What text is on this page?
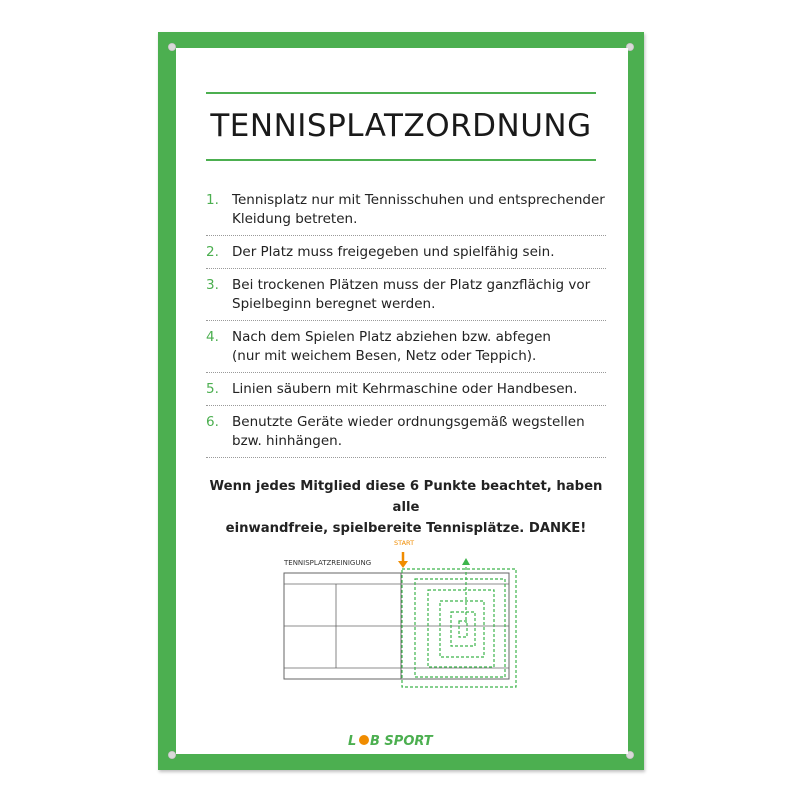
TENNISPLATZORDNUNG
1. Tennisplatz nur mit Tennisschuhen und entsprechender
Kleidung betreten.
2. Der Platz muss freigegeben und spielfähig sein.
3. Bei trockenen Plätzen muss der Platz ganzflächig vor
Spielbeginn beregnet werden.
4. Nach dem Spielen Platz abziehen bzw. abfegen
(nur mit weichem Besen, Netz oder Teppich).
5. Linien säubern mit Kehrmaschine oder Handbesen.
6. Benutzte Geräte wieder ordnungsgemäß wegstellen
bzw. hinhängen.
Wenn jedes Mitglied diese 6 Punkte beachtet, haben alle
einwandfreie, spielbereite Tennisplätze. DANKE!
TENNISPLATZREINIGUNG
START
L B SPORT
